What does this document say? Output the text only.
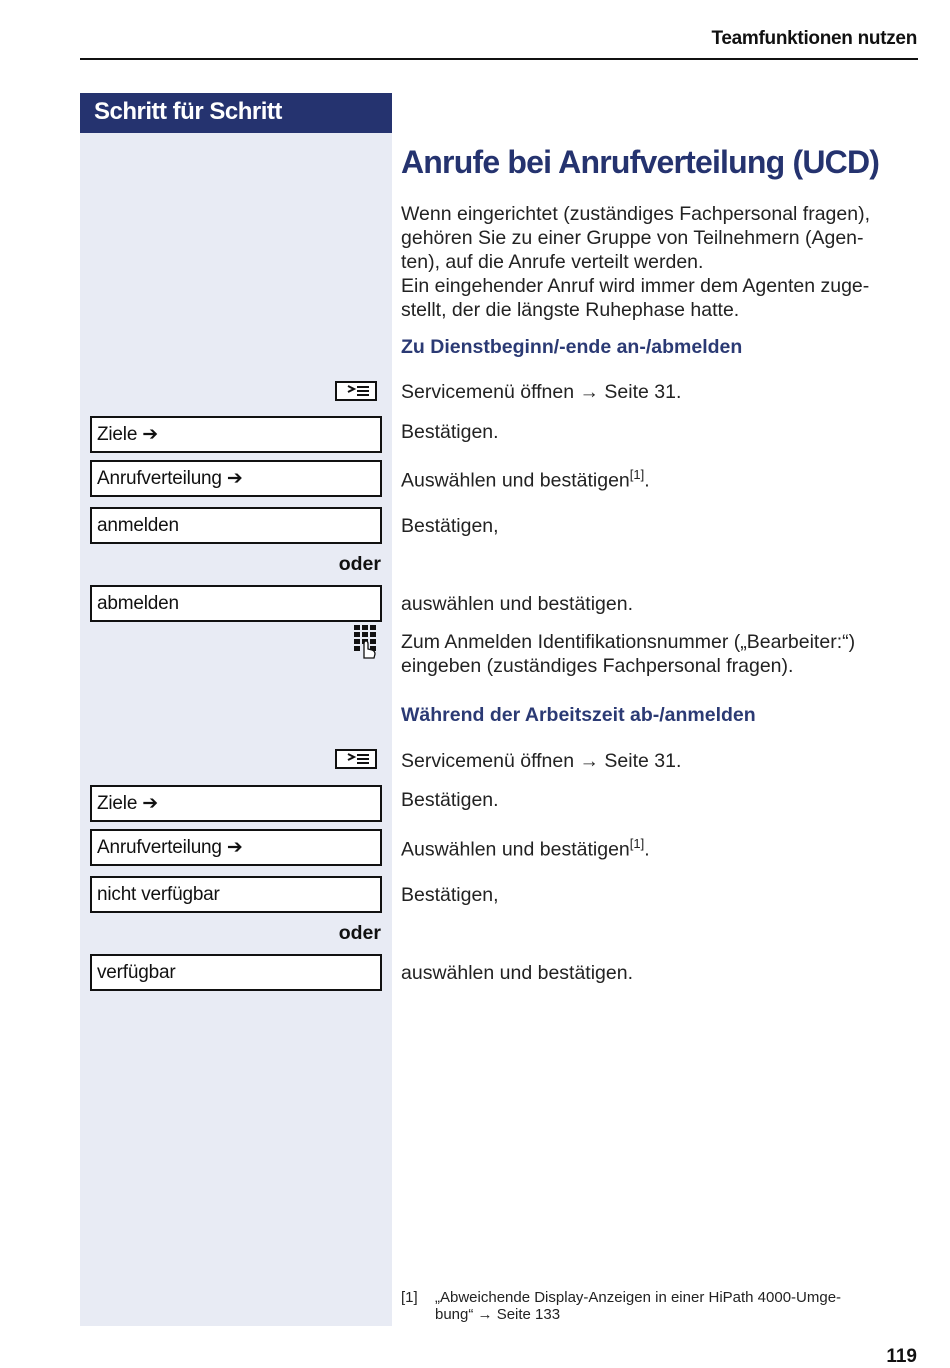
Teamfunktionen nutzen
Schritt für Schritt
Anrufe bei Anrufverteilung (UCD)
Wenn eingerichtet (zuständiges Fachpersonal fragen),
gehören Sie zu einer Gruppe von Teilnehmern (Agen-
ten), auf die Anrufe verteilt werden.
Ein eingehender Anruf wird immer dem Agenten zuge-
stellt, der die längste Ruhephase hatte.
Zu Dienstbeginn/-ende an-/abmelden
Servicemenü öffnen → Seite 31.
Ziele ➔	Bestätigen.
Anrufverteilung ➔	Auswählen und bestätigen[1].
anmelden	Bestätigen,
oder
abmelden	auswählen und bestätigen.
Zum Anmelden Identifikationsnummer („Bearbeiter:“)
eingeben (zuständiges Fachpersonal fragen).
Während der Arbeitszeit ab-/anmelden
Servicemenü öffnen → Seite 31.
Ziele ➔	Bestätigen.
Anrufverteilung ➔	Auswählen und bestätigen[1].
nicht verfügbar	Bestätigen,
oder
verfügbar	auswählen und bestätigen.
[1] „Abweichende Display-Anzeigen in einer HiPath 4000-Umge-
bung“ → Seite 133
119
